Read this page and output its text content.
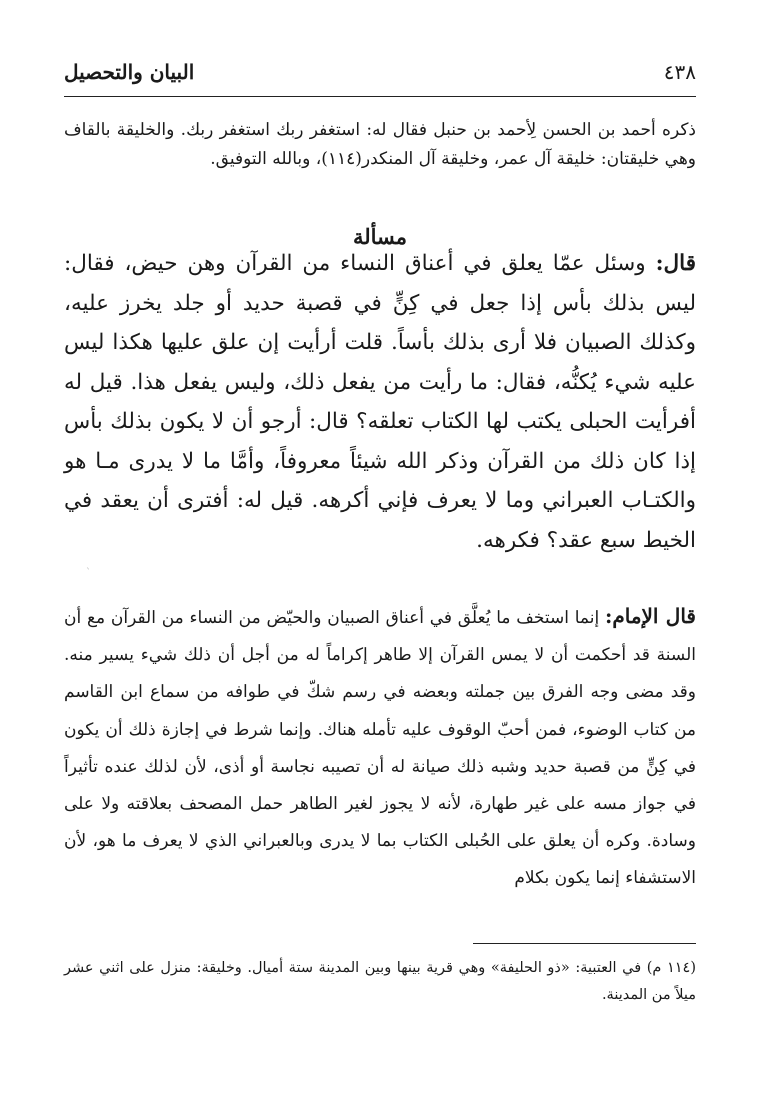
٤٣٨
البيان والتحصيل

ذكره أحمد بن الحسن لِأحمد بن حنبل فقال له: استغفر ربك استغفر ربك. والخليقة بالقاف وهي خليقتان: خليقة آل عمر، وخليقة آل المنكدر(١١٤)، وبالله التوفيق.

مسألة

قال: وسئل عمّا يعلق في أعناق النساء من القرآن وهن حيض، فقال: ليس بذلك بأس إذا جعل في كِنٍّ في قصبة حديد أو جلد يخرز عليه، وكذلك الصبيان فلا أرى بذلك بأساً. قلت أرأيت إن علق عليها هكذا ليس عليه شيء يُكنُّه، فقال: ما رأيت من يفعل ذلك، وليس يفعل هذا. قيل له أفرأيت الحبلى يكتب لها الكتاب تعلقه؟ قال: أرجو أن لا يكون بذلك بأس إذا كان ذلك من القرآن وذكر الله شيئاً معروفاً، وأمَّا ما لا يدرى مـا هو والكتـاب العبراني وما لا يعرف فإني أكرهه. قيل له: أفترى أن يعقد في الخيط سبع عقد؟ فكرهه.

قال الإمام: إنما استخف ما يُعلَّق في أعناق الصبيان والحيّض من النساء من القرآن مع أن السنة قد أحكمت أن لا يمس القرآن إلا طاهر إكراماً له من أجل أن ذلك شيء يسير منه. وقد مضى وجه الفرق بين جملته وبعضه في رسم شكّ في طوافه من سماع ابن القاسم من كتاب الوضوء، فمن أحبّ الوقوف عليه تأمله هناك. وإنما شرط في إجازة ذلك أن يكون في كِنٍّ من قصبة حديد وشبه ذلك صيانة له أن تصيبه نجاسة أو أذى، لأن لذلك عنده تأثيراً في جواز مسه على غير طهارة، لأنه لا يجوز لغير الطاهر حمل المصحف بعلاقته ولا على وسادة. وكره أن يعلق على الحُبلى الكتاب بما لا يدرى وبالعبراني الذي لا يعرف ما هو، لأن الاستشفاء إنما يكون بكلام

(١١٤ م) في العتبية: «ذو الحليفة» وهي قرية بينها وبين المدينة ستة أميال. وخليقة: منزل على اثني عشر ميلاً من المدينة.

ˋ
